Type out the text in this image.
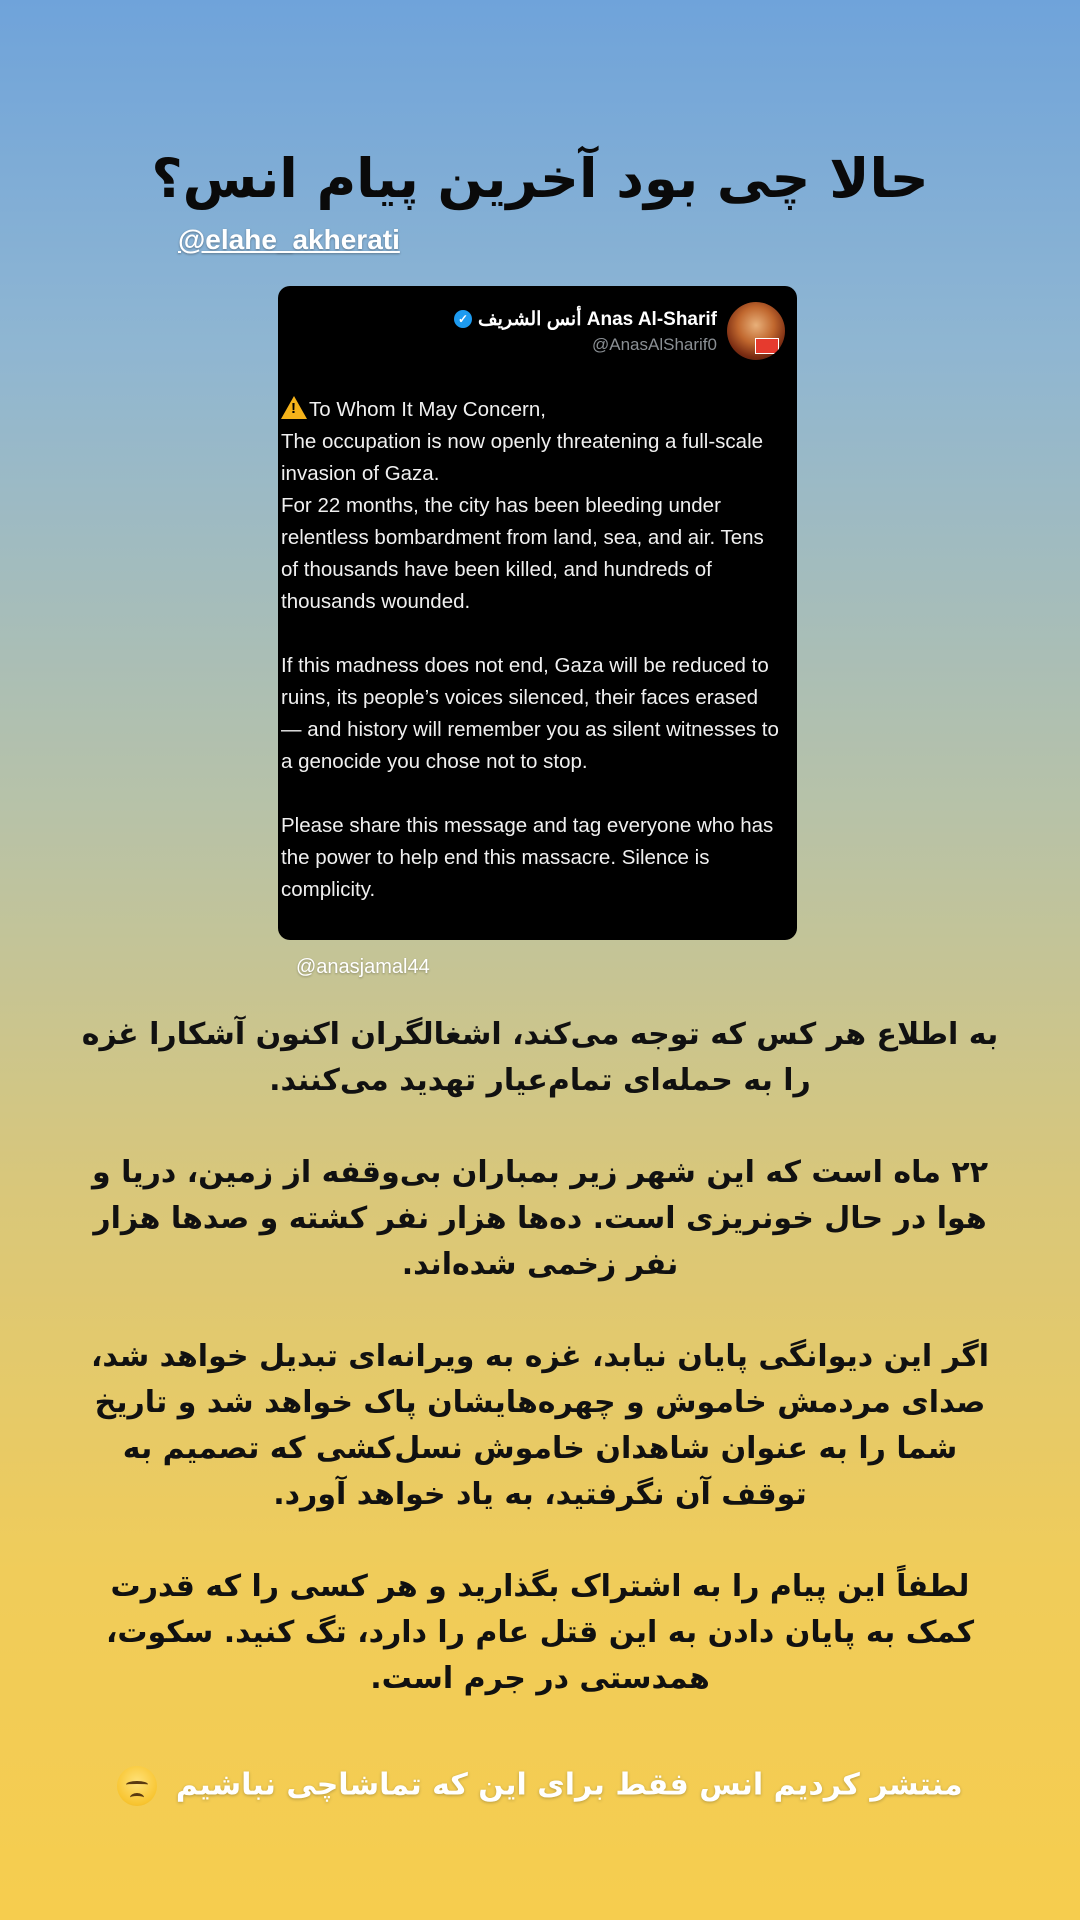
حالا چی بود آخرین پیام انس؟
@elahe_akherati
أنس الشريف Anas Al-Sharif
✓
@AnasAlSharif0

!To Whom It May Concern,
The occupation is now openly threatening a full-scale invasion of Gaza.
For 22 months, the city has been bleeding under relentless bombardment from land, sea, and air. Tens of thousands have been killed, and hundreds of thousands wounded.

If this madness does not end, Gaza will be reduced to ruins, its people’s voices silenced, their faces erased — and history will remember you as silent witnesses to a genocide you chose not to stop.

Please share this message and tag everyone who has the power to help end this massacre. Silence is complicity.

@anasjamal44

به اطلاع هر کس که توجه می‌کند، اشغالگران اکنون آشکارا غزه را به حمله‌ای تمام‌عیار تهدید می‌کنند.

۲۲ ماه است که این شهر زیر بمباران بی‌وقفه از زمین، دریا و هوا در حال خونریزی است. ده‌ها هزار نفر کشته و صدها هزار نفر زخمی شده‌اند.

اگر این دیوانگی پایان نیابد، غزه به ویرانه‌ای تبدیل خواهد شد، صدای مردمش خاموش و چهره‌هایشان پاک خواهد شد و تاریخ شما را به عنوان شاهدان خاموش نسل‌کشی که تصمیم به توقف آن نگرفتید، به یاد خواهد آورد.

لطفاً این پیام را به اشتراک بگذارید و هر کسی را که قدرت کمک به پایان دادن به این قتل عام را دارد، تگ کنید. سکوت، همدستی در جرم است.

منتشر کردیم انس فقط برای این که تماشاچی نباشیم
